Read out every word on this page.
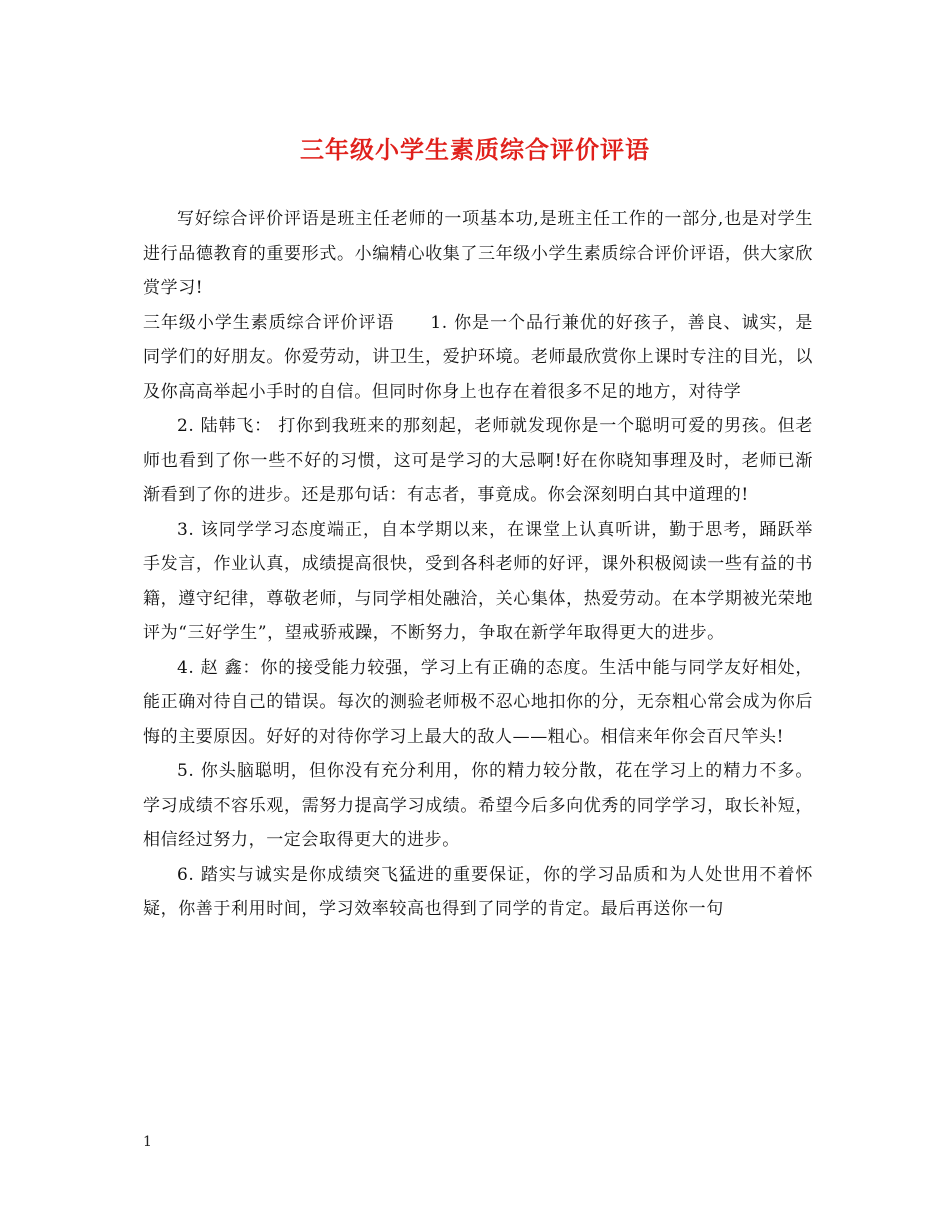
三年级小学生素质综合评价评语

写好综合评价评语是班主任老师的一项基本功,是班主任工作的一部分,也是对学生进行品德教育的重要形式。小编精心收集了三年级小学生素质综合评价评语，供大家欣赏学习!

三年级小学生素质综合评价评语　　1. 你是一个品行兼优的好孩子，善良、诚实，是同学们的好朋友。你爱劳动，讲卫生，爱护环境。老师最欣赏你上课时专注的目光，以及你高高举起小手时的自信。但同时你身上也存在着很多不足的地方，对待学

2. 陆韩飞： 打你到我班来的那刻起，老师就发现你是一个聪明可爱的男孩。但老师也看到了你一些不好的习惯，这可是学习的大忌啊!好在你晓知事理及时，老师已渐渐看到了你的进步。还是那句话：有志者，事竟成。你会深刻明白其中道理的!

3. 该同学学习态度端正，自本学期以来，在课堂上认真听讲，勤于思考，踊跃举手发言，作业认真，成绩提高很快，受到各科老师的好评，课外积极阅读一些有益的书籍，遵守纪律，尊敬老师，与同学相处融洽，关心集体，热爱劳动。在本学期被光荣地评为“三好学生”，望戒骄戒躁，不断努力，争取在新学年取得更大的进步。

4. 赵 鑫：你的接受能力较强，学习上有正确的态度。生活中能与同学友好相处，能正确对待自己的错误。每次的测验老师极不忍心地扣你的分，无奈粗心常会成为你后悔的主要原因。好好的对待你学习上最大的敌人——粗心。相信来年你会百尺竿头!

5. 你头脑聪明，但你没有充分利用，你的精力较分散，花在学习上的精力不多。学习成绩不容乐观，需努力提高学习成绩。希望今后多向优秀的同学学习，取长补短，相信经过努力，一定会取得更大的进步。

6. 踏实与诚实是你成绩突飞猛进的重要保证，你的学习品质和为人处世用不着怀疑，你善于利用时间，学习效率较高也得到了同学的肯定。最后再送你一句

1
